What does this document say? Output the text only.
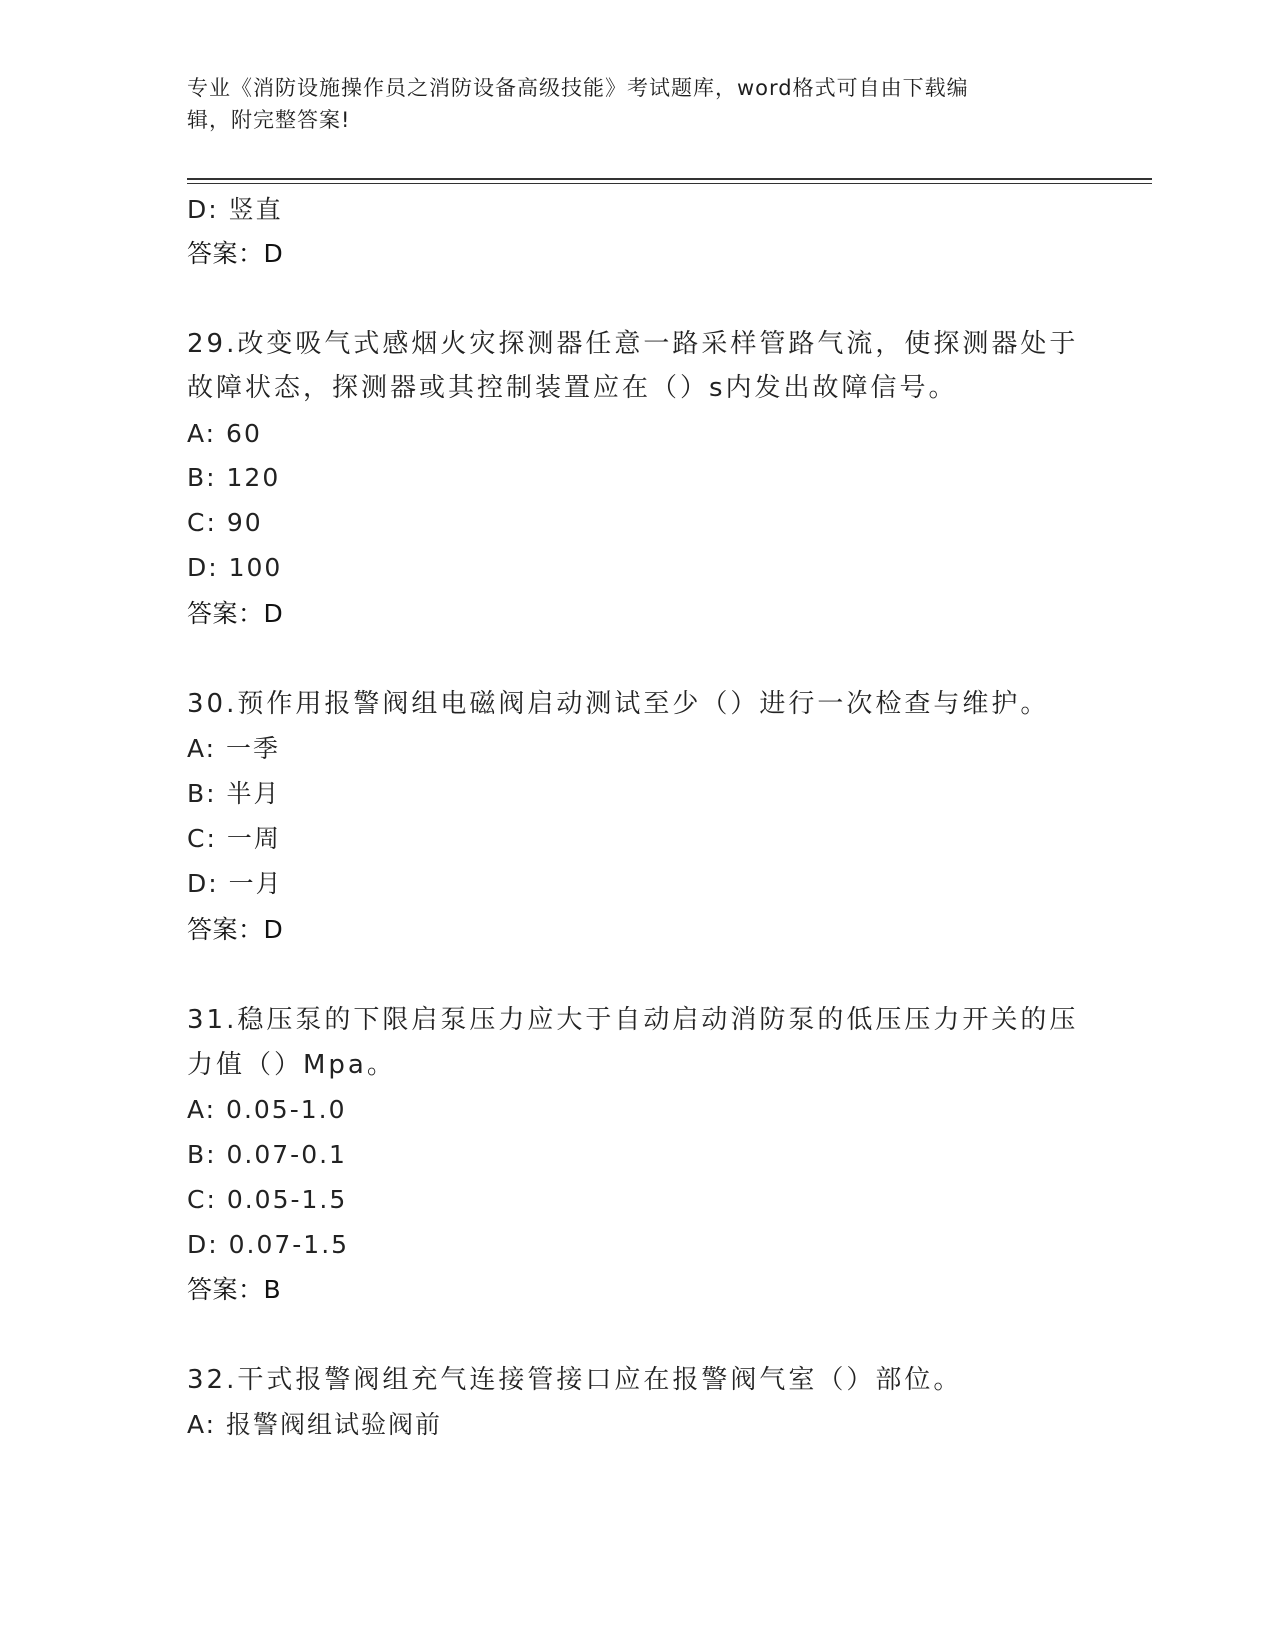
专业《消防设施操作员之消防设备高级技能》考试题库，word格式可自由下载编
辑，附完整答案!
D: 竖直
答案：D
29.改变吸气式感烟火灾探测器任意一路采样管路气流，使探测器处于
故障状态，探测器或其控制装置应在（）s内发出故障信号。
A: 60
B: 120
C: 90
D: 100
答案：D
30.预作用报警阀组电磁阀启动测试至少（）进行一次检查与维护。
A: 一季
B: 半月
C: 一周
D: 一月
答案：D
31.稳压泵的下限启泵压力应大于自动启动消防泵的低压压力开关的压
力值（）Mpa。
A: 0.05-1.0
B: 0.07-0.1
C: 0.05-1.5
D: 0.07-1.5
答案：B
32.干式报警阀组充气连接管接口应在报警阀气室（）部位。
A: 报警阀组试验阀前
